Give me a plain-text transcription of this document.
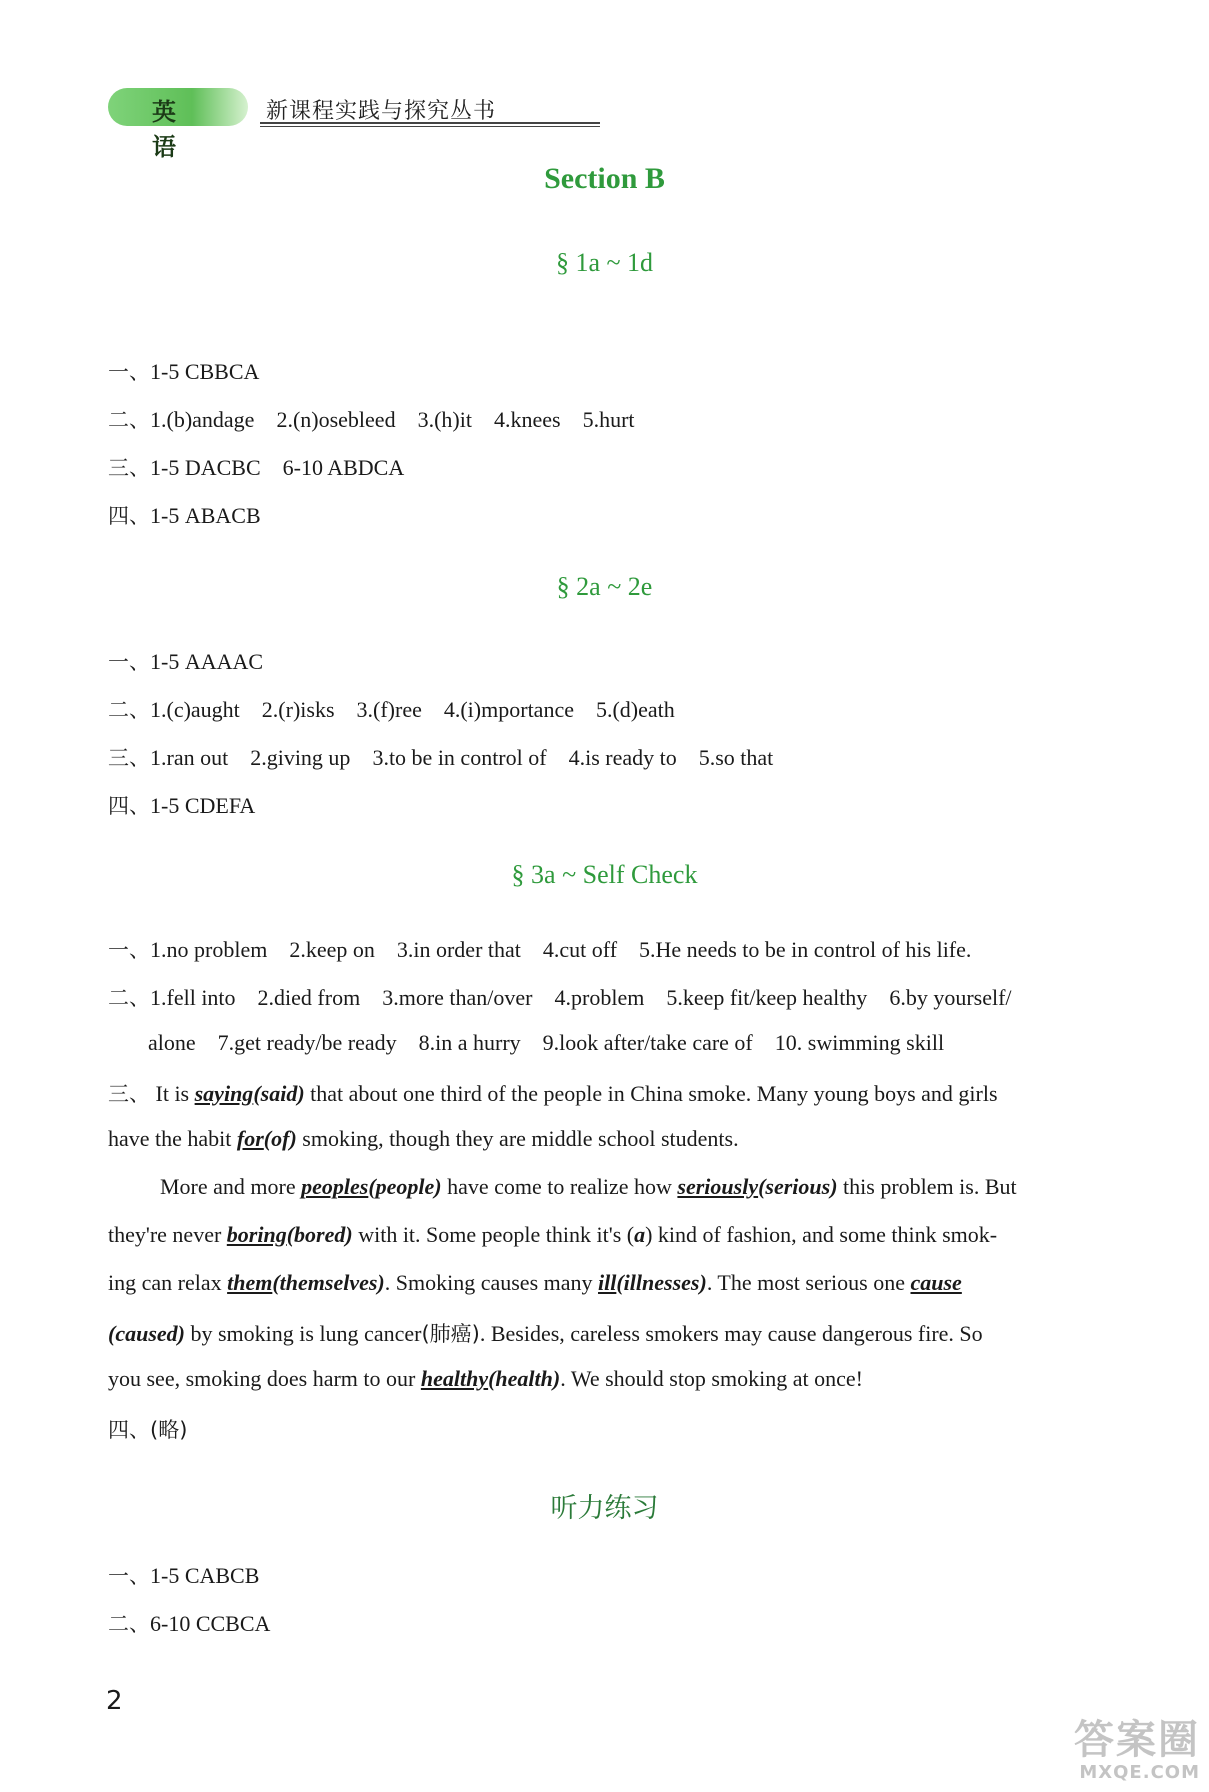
英语
新课程实践与探究丛书
Section B
§ 1a ~ 1d
一、1-5 CBBCA
二、1.(b)andage 2.(n)osebleed 3.(h)it 4.knees 5.hurt
三、1-5 DACBC 6-10 ABDCA
四、1-5 ABACB
§ 2a ~ 2e
一、1-5 AAAAC
二、1.(c)aught 2.(r)isks 3.(f)ree 4.(i)mportance 5.(d)eath
三、1.ran out 2.giving up 3.to be in control of 4.is ready to 5.so that
四、1-5 CDEFA
§ 3a ~ Self Check
一、1.no problem 2.keep on 3.in order that 4.cut off 5.He needs to be in control of his life.
二、1.fell into 2.died from 3.more than/over 4.problem 5.keep fit/keep healthy 6.by yourself/
alone 7.get ready/be ready 8.in a hurry 9.look after/take care of 10. swimming skill
三、 It is saying(said) that about one third of the people in China smoke. Many young boys and girls
have the habit for(of) smoking, though they are middle school students.
More and more peoples(people) have come to realize how seriously(serious) this problem is. But
they're never boring(bored) with it. Some people think it's (a) kind of fashion, and some think smok-
ing can relax them(themselves). Smoking causes many ill(illnesses). The most serious one cause
(caused) by smoking is lung cancer(肺癌). Besides, careless smokers may cause dangerous fire. So
you see, smoking does harm to our healthy(health). We should stop smoking at once!
四、(略)
听力练习
一、1-5 CABCB
二、6-10 CCBCA
2
答案圈
MXQE.COM
